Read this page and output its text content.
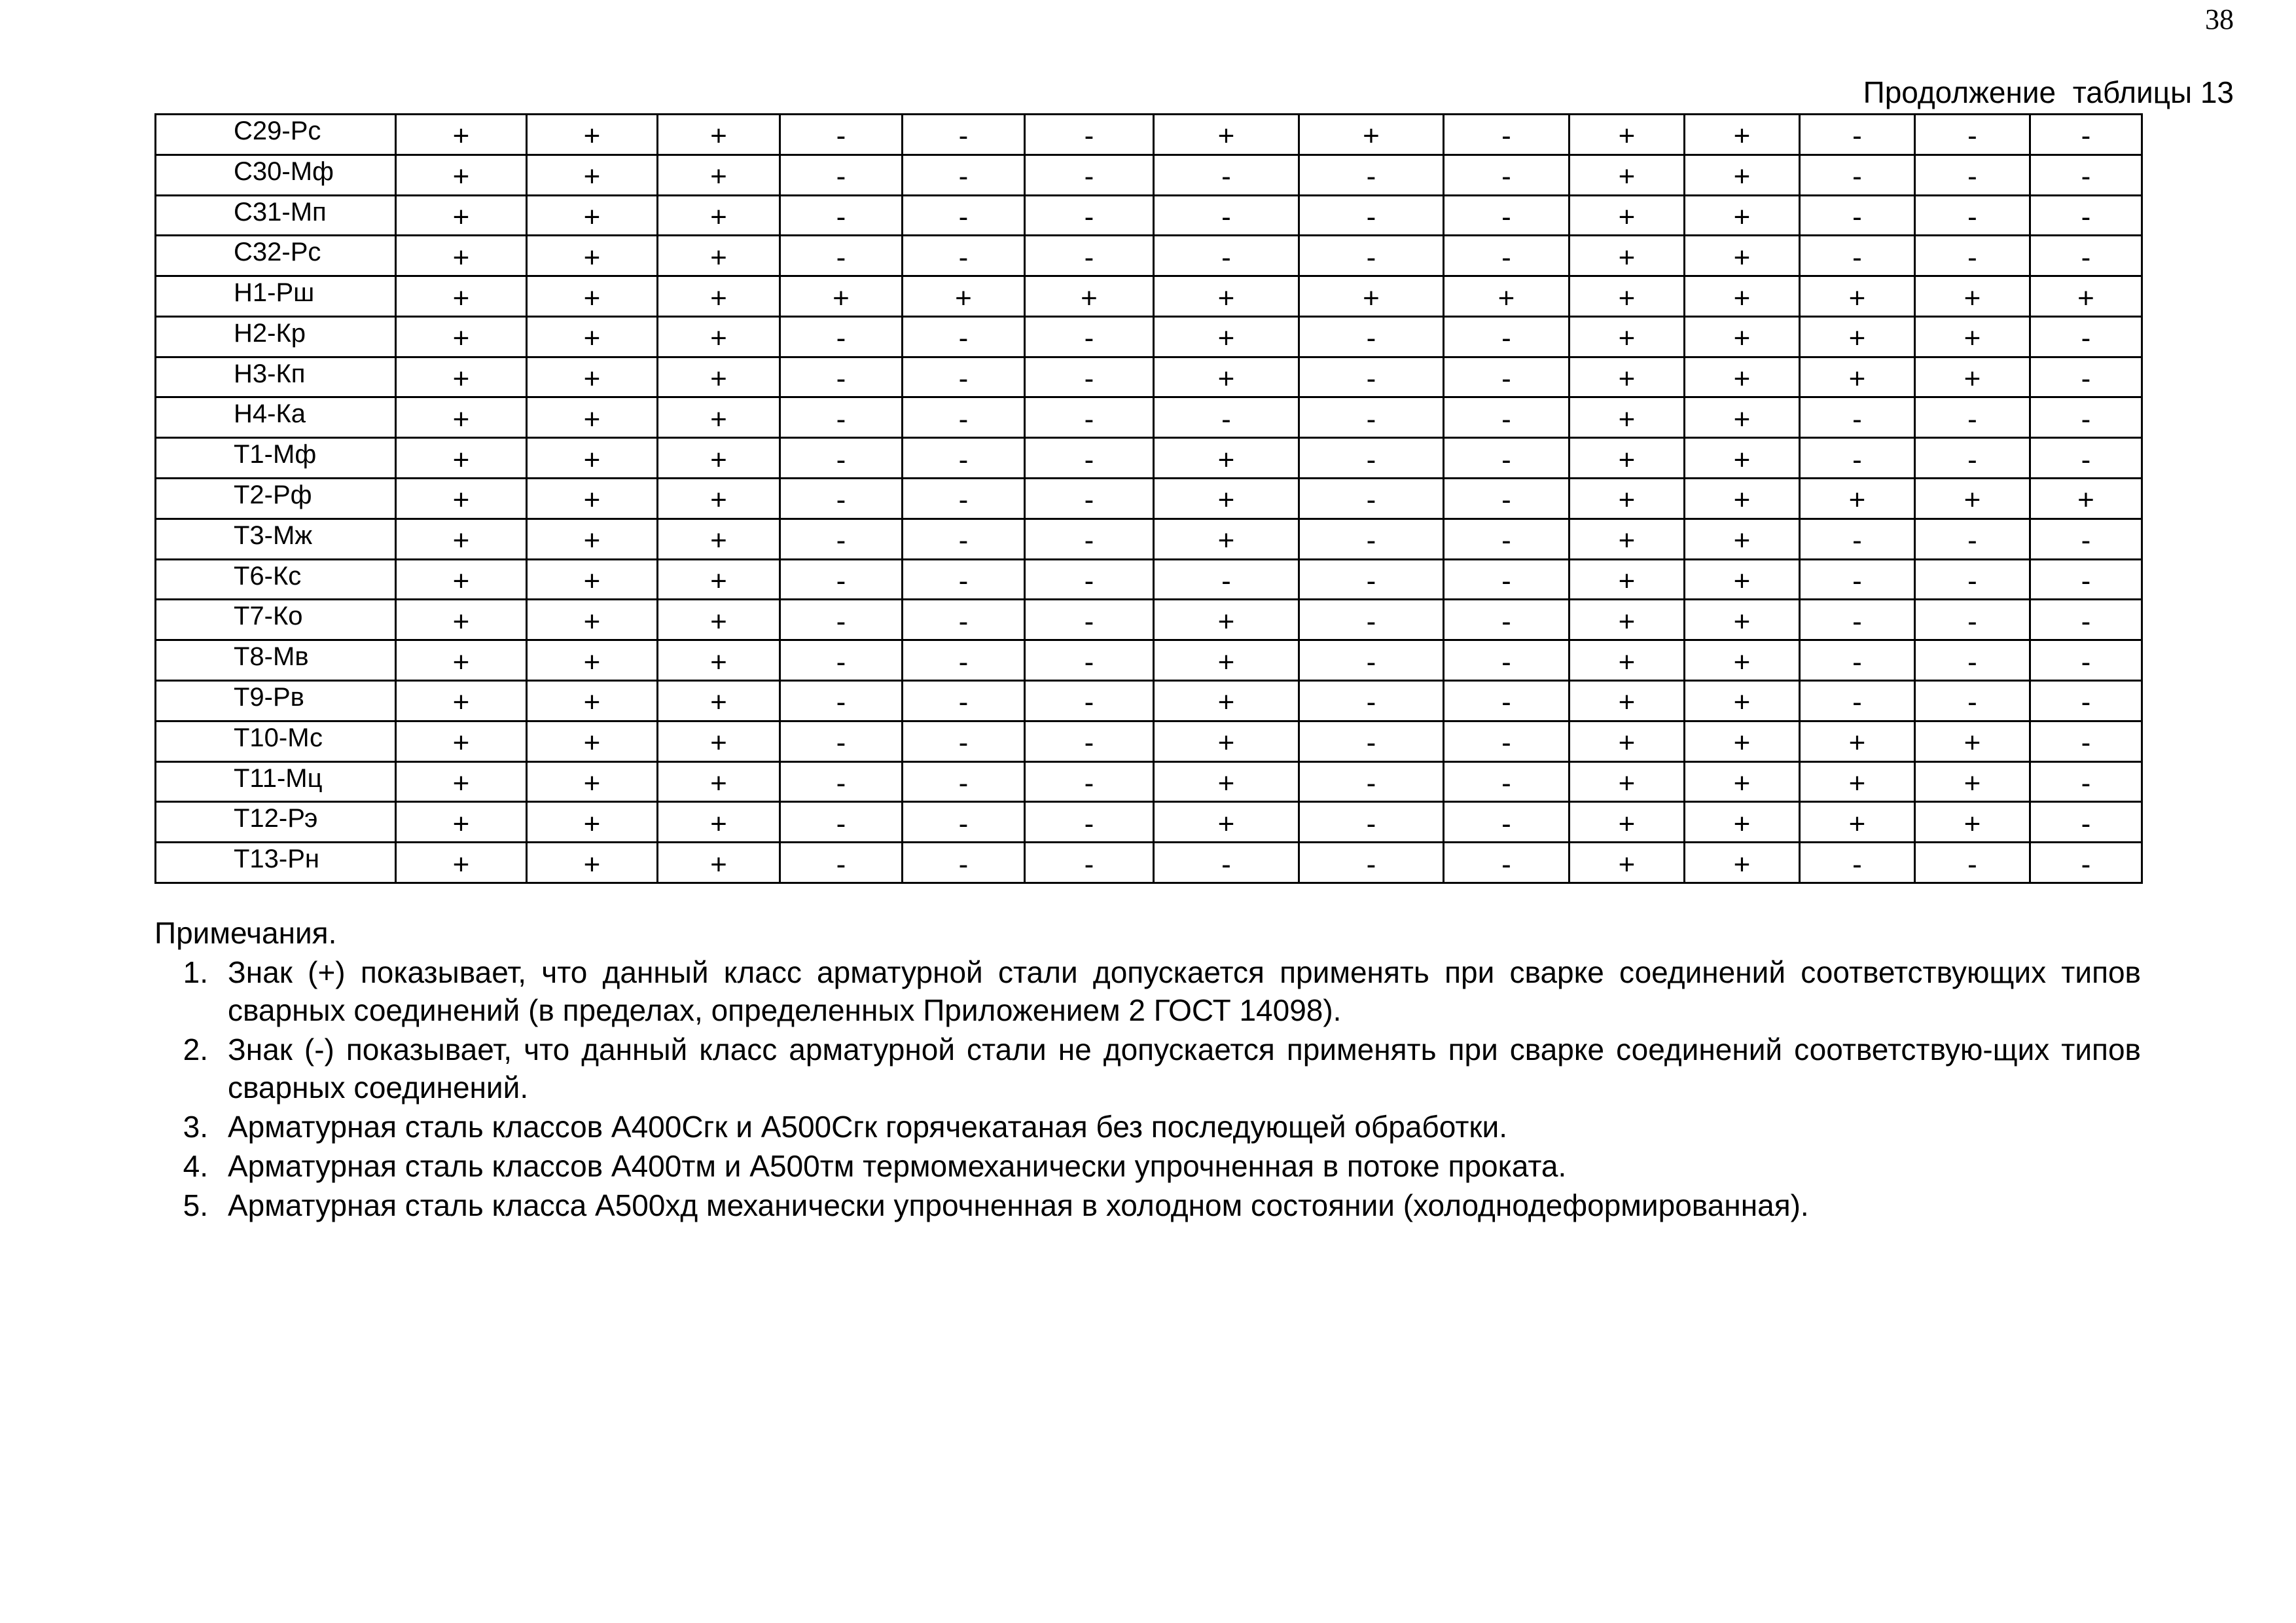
38
Продолжение  таблицы 13
С29-Рс	+	+	+	-	-	-	+	+	-	+	+	-	-	-
С30-Мф	+	+	+	-	-	-	-	-	-	+	+	-	-	-
С31-Мп	+	+	+	-	-	-	-	-	-	+	+	-	-	-
С32-Рс	+	+	+	-	-	-	-	-	-	+	+	-	-	-
Н1-Рш	+	+	+	+	+	+	+	+	+	+	+	+	+	+
Н2-Кр	+	+	+	-	-	-	+	-	-	+	+	+	+	-
Н3-Кп	+	+	+	-	-	-	+	-	-	+	+	+	+	-
Н4-Ка	+	+	+	-	-	-	-	-	-	+	+	-	-	-
Т1-Мф	+	+	+	-	-	-	+	-	-	+	+	-	-	-
Т2-Рф	+	+	+	-	-	-	+	-	-	+	+	+	+	+
Т3-Мж	+	+	+	-	-	-	+	-	-	+	+	-	-	-
Т6-Кс	+	+	+	-	-	-	-	-	-	+	+	-	-	-
Т7-Ко	+	+	+	-	-	-	+	-	-	+	+	-	-	-
Т8-Мв	+	+	+	-	-	-	+	-	-	+	+	-	-	-
Т9-Рв	+	+	+	-	-	-	+	-	-	+	+	-	-	-
Т10-Мс	+	+	+	-	-	-	+	-	-	+	+	+	+	-
Т11-Мц	+	+	+	-	-	-	+	-	-	+	+	+	+	-
Т12-Рэ	+	+	+	-	-	-	+	-	-	+	+	+	+	-
Т13-Рн	+	+	+	-	-	-	-	-	-	+	+	-	-	-
Примечания.
1. Знак (+) показывает, что данный класс арматурной стали допускается применять при сварке соединений соответствующих типов сварных соединений (в пределах, определенных Приложением 2 ГОСТ 14098).
2. Знак (-) показывает, что данный класс арматурной стали не допускается применять при сварке соединений соответствую-щих типов сварных соединений.
3. Арматурная сталь классов А400Сгк и А500Сгк горячекатаная без последующей обработки.
4. Арматурная сталь классов А400тм и А500тм термомеханически упрочненная в потоке проката.
5. Арматурная сталь класса А500хд механически упрочненная в холодном состоянии (холоднодеформированная).
